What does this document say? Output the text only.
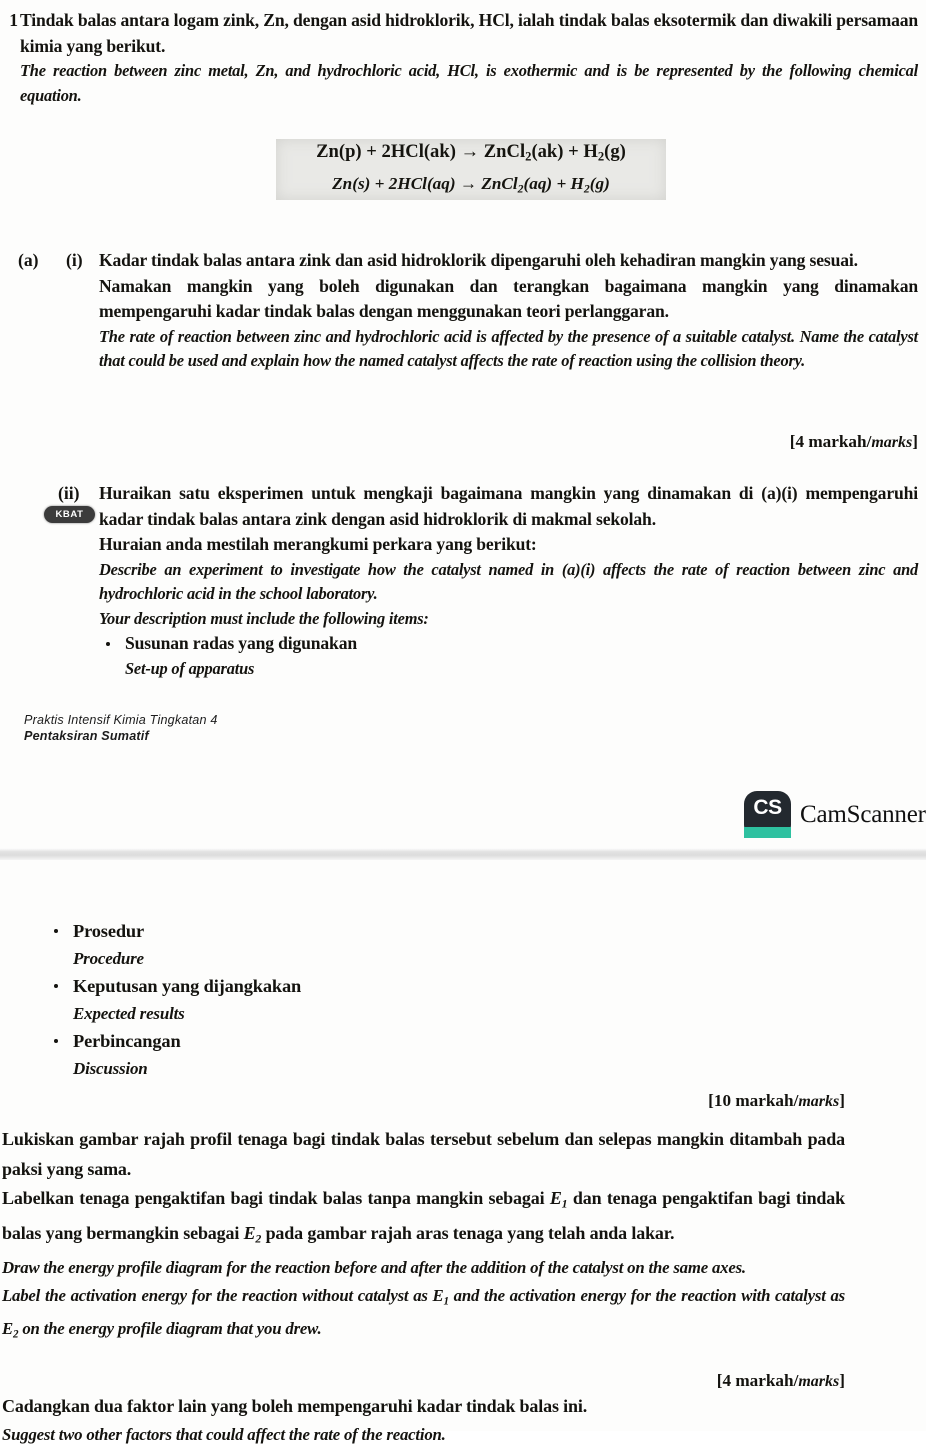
1 Tindak balas antara logam zink, Zn, dengan asid hidroklorik, HCl, ialah tindak balas eksotermik dan diwakili persamaan kimia yang berikut.
The reaction between zinc metal, Zn, and hydrochloric acid, HCl, is exothermic and is be represented by the following chemical equation.
Zn(p) + 2HCl(ak) → ZnCl$_2$(ak) + $H_2(g)$
Zn(s) + 2HCl(aq) → ZnCl$_2$(aq) + $H_2(g)$
(a) (i) Kadar tindak balas antara zink dan asid hidroklorik dipengaruhi oleh kehadiran mangkin yang sesuai.
Namakan mangkin yang boleh digunakan dan terangkan bagaimana mangkin yang dinamakan mempengaruhi kadar tindak balas dengan menggunakan teori perlanggaran.
The rate of reaction between zinc and hydrochloric acid is affected by the presence of a suitable catalyst. Name the catalyst that could be used and explain how the named catalyst affects the rate of reaction using the collision theory.
[4 markah/marks]
(ii)
KBAT
Huraikan satu eksperimen untuk mengkaji bagaimana mangkin yang dinamakan di (a)(i) mempengaruhi kadar tindak balas antara zink dengan asid hidroklorik di makmal sekolah.
Huraian anda mestilah merangkumi perkara yang berikut:
Describe an experiment to investigate how the catalyst named in (a)(i) affects the rate of reaction between zinc and hydrochloric acid in the school laboratory.
Your description must include the following items:
Susunan radas yang digunakan
Set-up of apparatus
Praktis Intensif Kimia Tingkatan 4
Pentaksiran Sumatif
CS CamScanner
Prosedur
Procedure
Keputusan yang dijangkakan
Expected results
Perbincangan
Discussion
[10 markah/marks]
Lukiskan gambar rajah profil tenaga bagi tindak balas tersebut sebelum dan selepas mangkin ditambah pada paksi yang sama.
Labelkan tenaga pengaktifan bagi tindak balas tanpa mangkin sebagai $E_1$ dan tenaga pengaktifan bagi tindak balas yang bermangkin sebagai $E_2$ pada gambar rajah aras tenaga yang telah anda lakar.
Draw the energy profile diagram for the reaction before and after the addition of the catalyst on the same axes.
Label the activation energy for the reaction without catalyst as $E_1$ and the activation energy for the reaction with catalyst as $E_2$ on the energy profile diagram that you drew.
[4 markah/marks]
Cadangkan dua faktor lain yang boleh mempengaruhi kadar tindak balas ini.
Suggest two other factors that could affect the rate of the reaction.
